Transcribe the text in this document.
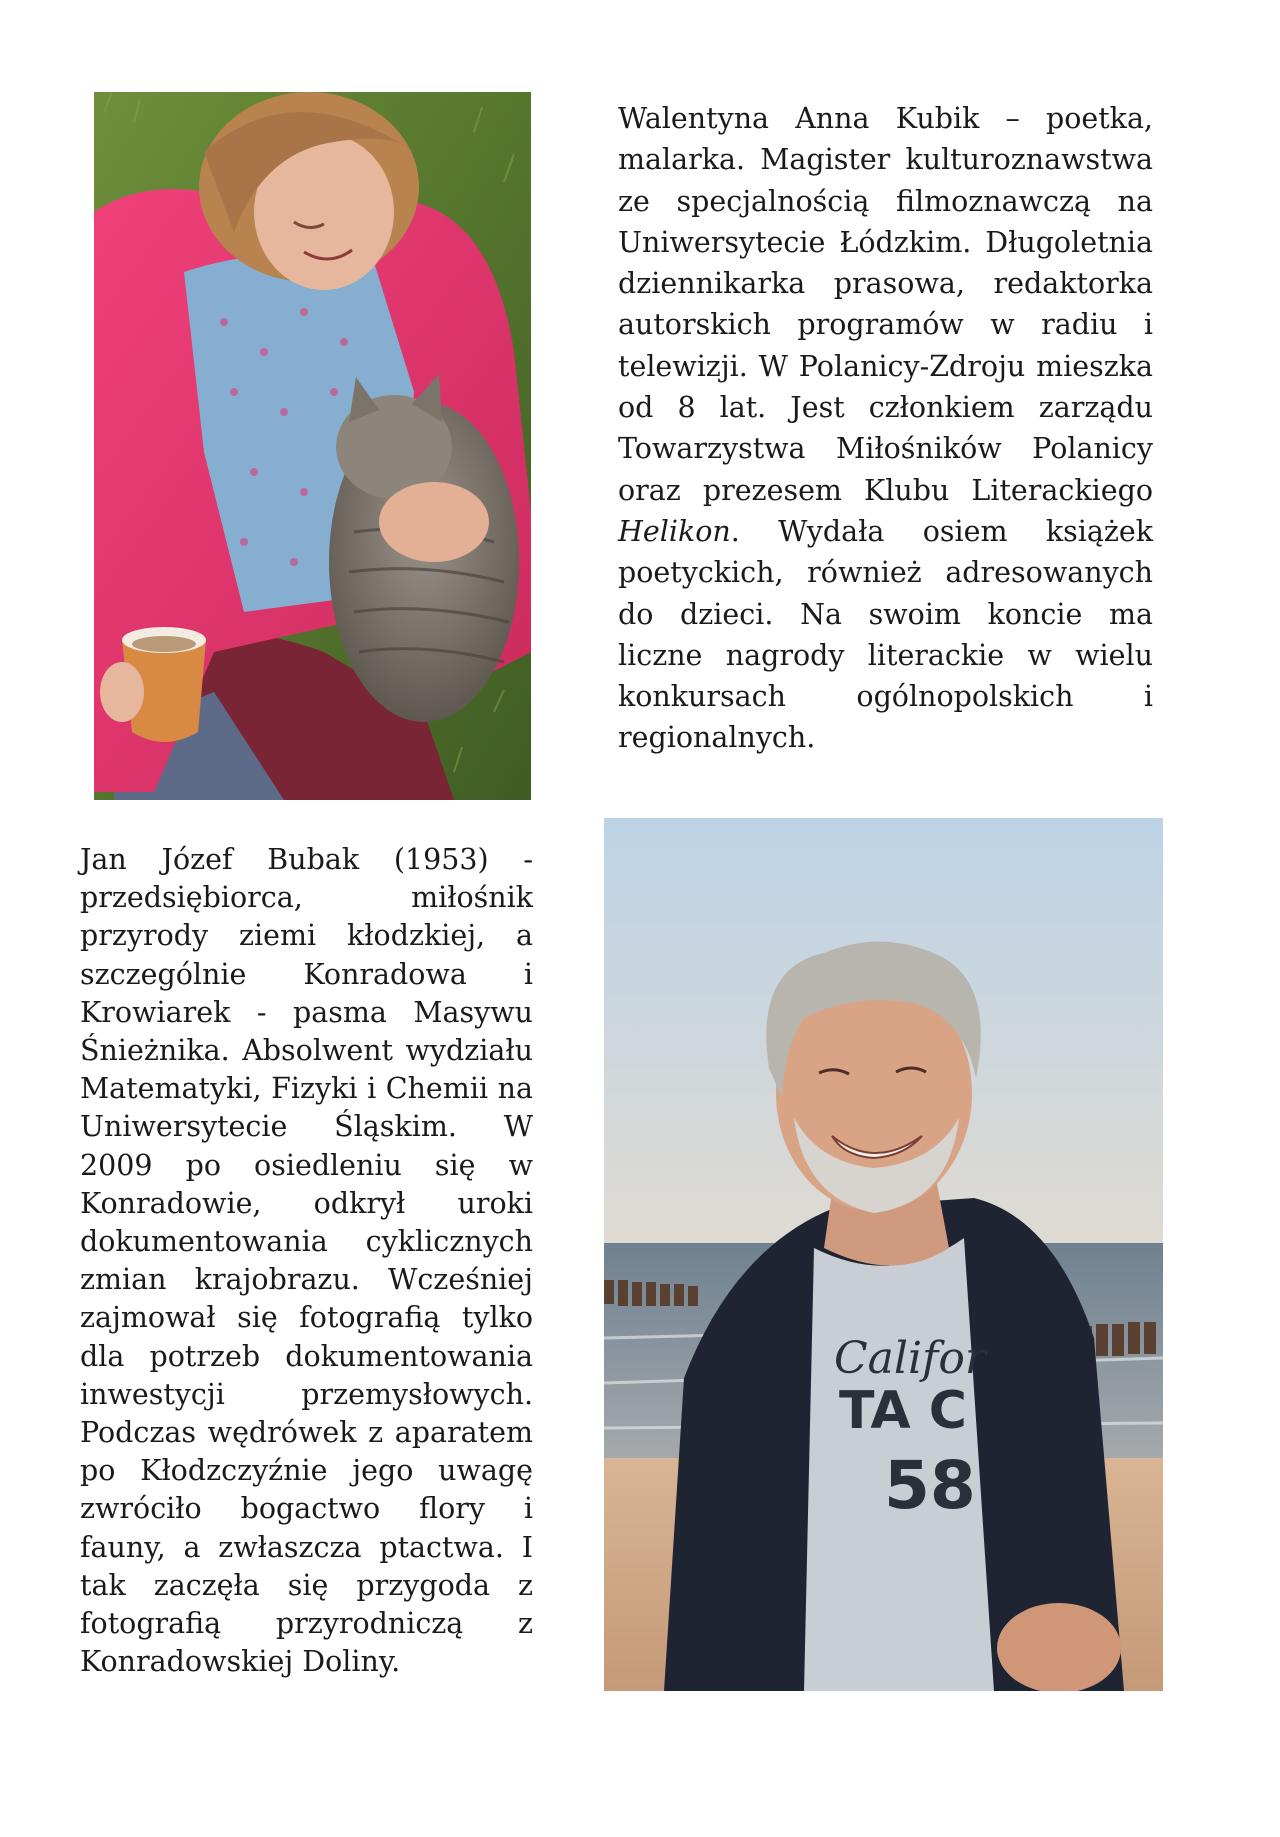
Walentyna Anna Kubik – poetka, malarka. Magister kulturoznawstwa ze specjalnością filmoznawczą na Uniwersytecie Łódzkim. Długoletnia dziennikarka prasowa, redaktorka autorskich programów w radiu i telewizji. W Polanicy-Zdroju mieszka od 8 lat. Jest członkiem zarządu Towarzystwa Miłośników Polanicy oraz prezesem Klubu Literackiego Helikon. Wydała osiem książek poetyckich, również adresowanych do dzieci. Na swoim koncie ma liczne nagrody literackie w wielu konkursach ogólnopolskich i regionalnych.

Jan Józef Bubak (1953) - przedsiębiorca, miłośnik przyrody ziemi kłodzkiej, a szczególnie Konradowa i Krowiarek - pasma Masywu Śnieżnika. Absolwent wydziału Matematyki, Fizyki i Chemii na Uniwersytecie Śląskim. W 2009 po osiedleniu się w Konradowie, odkrył uroki dokumentowania cyklicznych zmian krajobrazu. Wcześniej zajmował się fotografią tylko dla potrzeb dokumentowania inwestycji przemysłowych. Podczas wędrówek z aparatem po Kłodzczyźnie jego uwagę zwróciło bogactwo flory i fauny, a zwłaszcza ptactwa. I tak zaczęła się przygoda z fotografią przyrodniczą z Konradowskiej Doliny.

Califor
TA C
58
